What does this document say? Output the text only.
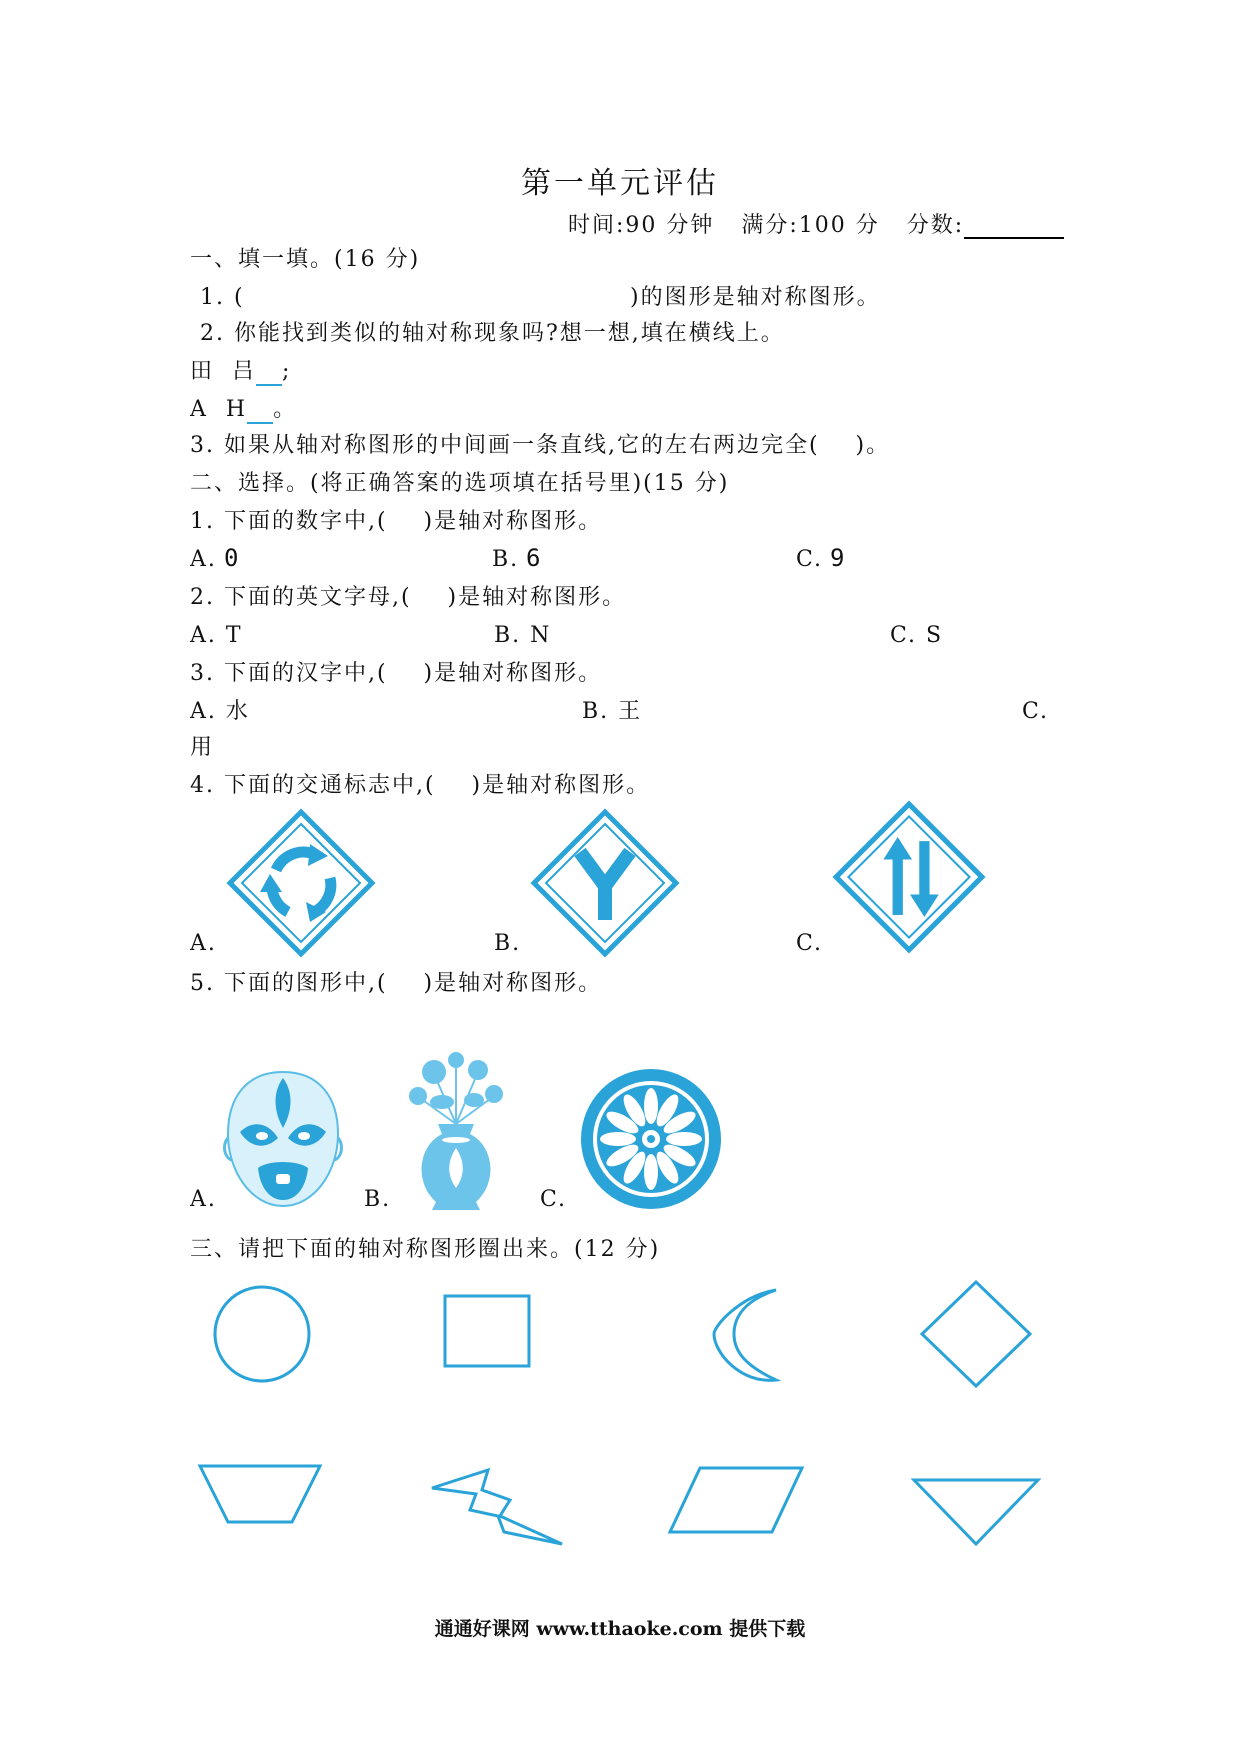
第一单元评估
时间:90 分钟 满分:100 分 分数:
一、填一填。(16 分)
1. (	)的图形是轴对称图形。
2. 你能找到类似的轴对称现象吗?想一想,填在横线上。
田  吕 ;
A  H 。
3. 如果从轴对称图形的中间画一条直线,它的左右两边完全(    )。
二、选择。(将正确答案的选项填在括号里)(15 分)
1. 下面的数字中,(    )是轴对称图形。
A. 0	B. 6	C. 9
2. 下面的英文字母,(    )是轴对称图形。
A. T	B. N	C. S
3. 下面的汉字中,(    )是轴对称图形。
A. 水	B. 王	C.
用
4. 下面的交通标志中,(    )是轴对称图形。
A.	B.	C.
5. 下面的图形中,(    )是轴对称图形。
A.	B.	C.
三、请把下面的轴对称图形圈出来。(12 分)
通通好课网 www.tthaoke.com 提供下载
